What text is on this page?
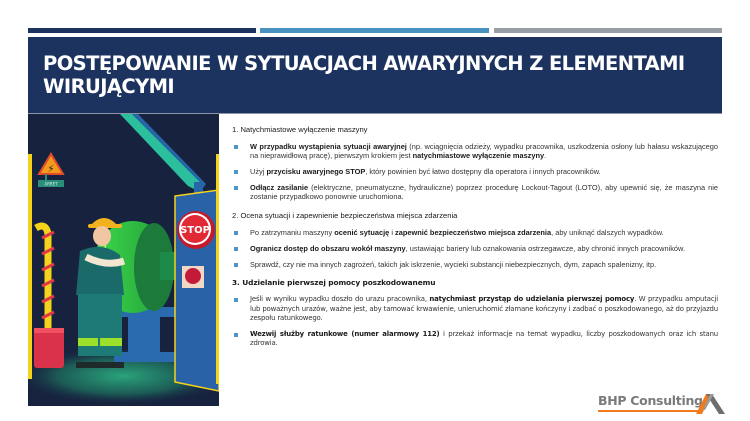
POSTĘPOWANIE W SYTUACJACH AWARYJNYCH Z ELEMENTAMI WIRUJĄCYMI
⚡
ARRET
STOP

1. Natychmiastowe wyłączenie maszyny

W przypadku wystąpienia sytuacji awaryjnej (np. wciągnięcia odzieży, wypadku pracownika, uszkodzenia osłony lub hałasu wskazującego na nieprawidłową pracę), pierwszym krokiem jest natychmiastowe wyłączenie maszyny.
Użyj przycisku awaryjnego STOP, który powinien być łatwo dostępny dla operatora i innych pracowników.
Odłącz zasilanie (elektryczne, pneumatyczne, hydrauliczne) poprzez procedurę Lockout-Tagout (LOTO), aby upewnić się, że maszyna nie zostanie przypadkowo ponownie uruchomiona.

2. Ocena sytuacji i zapewnienie bezpieczeństwa miejsca zdarzenia

Po zatrzymaniu maszyny ocenić sytuację i zapewnić bezpieczeństwo miejsca zdarzenia, aby uniknąć dalszych wypadków.
Ogranicz dostęp do obszaru wokół maszyny, ustawiając bariery lub oznakowania ostrzegawcze, aby chronić innych pracowników.
Sprawdź, czy nie ma innych zagrożeń, takich jak iskrzenie, wycieki substancji niebezpiecznych, dym, zapach spalenizny, itp.

3. Udzielanie pierwszej pomocy poszkodowanemu

Jeśli w wyniku wypadku doszło do urazu pracownika, natychmiast przystąp do udzielania pierwszej pomocy. W przypadku amputacji lub poważnych urazów, ważne jest, aby tamować krwawienie, unieruchomić złamane kończyny i zadbać o poszkodowanego, aż do przyjazdu zespołu ratunkowego.
Wezwij służby ratunkowe (numer alarmowy 112) i przekaż informacje na temat wypadku, liczby poszkodowanych oraz ich stanu zdrowia.
BHP Consulting
